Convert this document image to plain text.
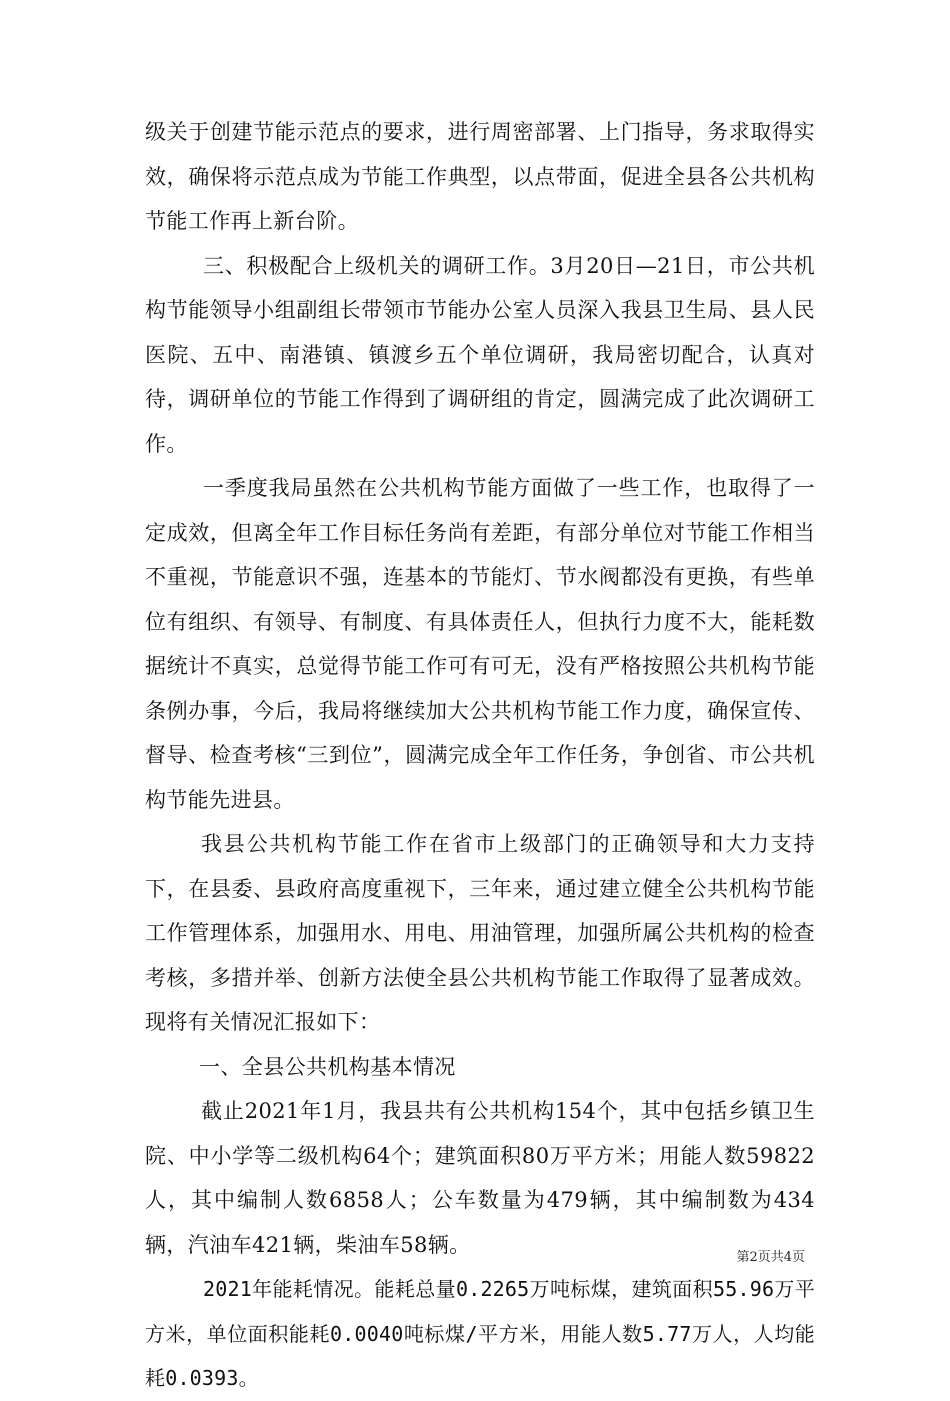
级关于创建节能示范点的要求，进行周密部署、上门指导，务求取得实效，确保将示范点成为节能工作典型，以点带面，促进全县各公共机构节能工作再上新台阶。

三、积极配合上级机关的调研工作。3月20日—21日，市公共机构节能领导小组副组长带领市节能办公室人员深入我县卫生局、县人民医院、五中、南港镇、镇渡乡五个单位调研，我局密切配合，认真对待，调研单位的节能工作得到了调研组的肯定，圆满完成了此次调研工作。

一季度我局虽然在公共机构节能方面做了一些工作，也取得了一定成效，但离全年工作目标任务尚有差距，有部分单位对节能工作相当不重视，节能意识不强，连基本的节能灯、节水阀都没有更换，有些单位有组织、有领导、有制度、有具体责任人，但执行力度不大，能耗数据统计不真实，总觉得节能工作可有可无，没有严格按照公共机构节能条例办事，今后，我局将继续加大公共机构节能工作力度，确保宣传、督导、检查考核“三到位”，圆满完成全年工作任务，争创省、市公共机构节能先进县。

我县公共机构节能工作在省市上级部门的正确领导和大力支持下，在县委、县政府高度重视下，三年来，通过建立健全公共机构节能工作管理体系，加强用水、用电、用油管理，加强所属公共机构的检查考核，多措并举、创新方法使全县公共机构节能工作取得了显著成效。现将有关情况汇报如下：

一、全县公共机构基本情况

截止2021年1月，我县共有公共机构154个，其中包括乡镇卫生院、中小学等二级机构64个；建筑面积80万平方米；用能人数59822人，其中编制人数6858人；公车数量为479辆，其中编制数为434辆，汽油车421辆，柴油车58辆。

2021年能耗情况。能耗总量0.2265万吨标煤，建筑面积55.96万平方米，单位面积能耗0.0040吨标煤/平方米，用能人数5.77万人，人均能耗0.0393。

第2页共4页
